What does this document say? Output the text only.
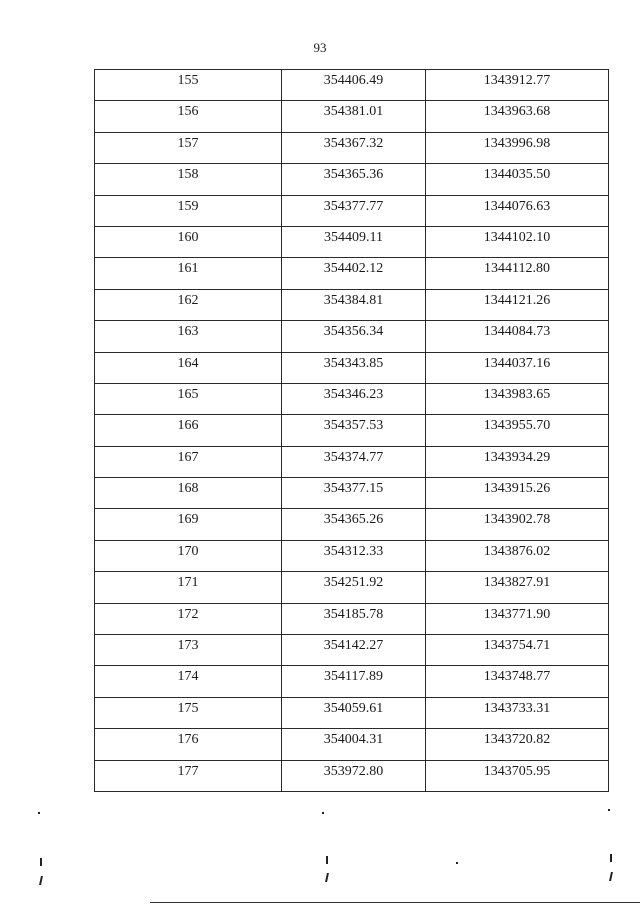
93
155	354406.49	1343912.77
156	354381.01	1343963.68
157	354367.32	1343996.98
158	354365.36	1344035.50
159	354377.77	1344076.63
160	354409.11	1344102.10
161	354402.12	1344112.80
162	354384.81	1344121.26
163	354356.34	1344084.73
164	354343.85	1344037.16
165	354346.23	1343983.65
166	354357.53	1343955.70
167	354374.77	1343934.29
168	354377.15	1343915.26
169	354365.26	1343902.78
170	354312.33	1343876.02
171	354251.92	1343827.91
172	354185.78	1343771.90
173	354142.27	1343754.71
174	354117.89	1343748.77
175	354059.61	1343733.31
176	354004.31	1343720.82
177	353972.80	1343705.95
